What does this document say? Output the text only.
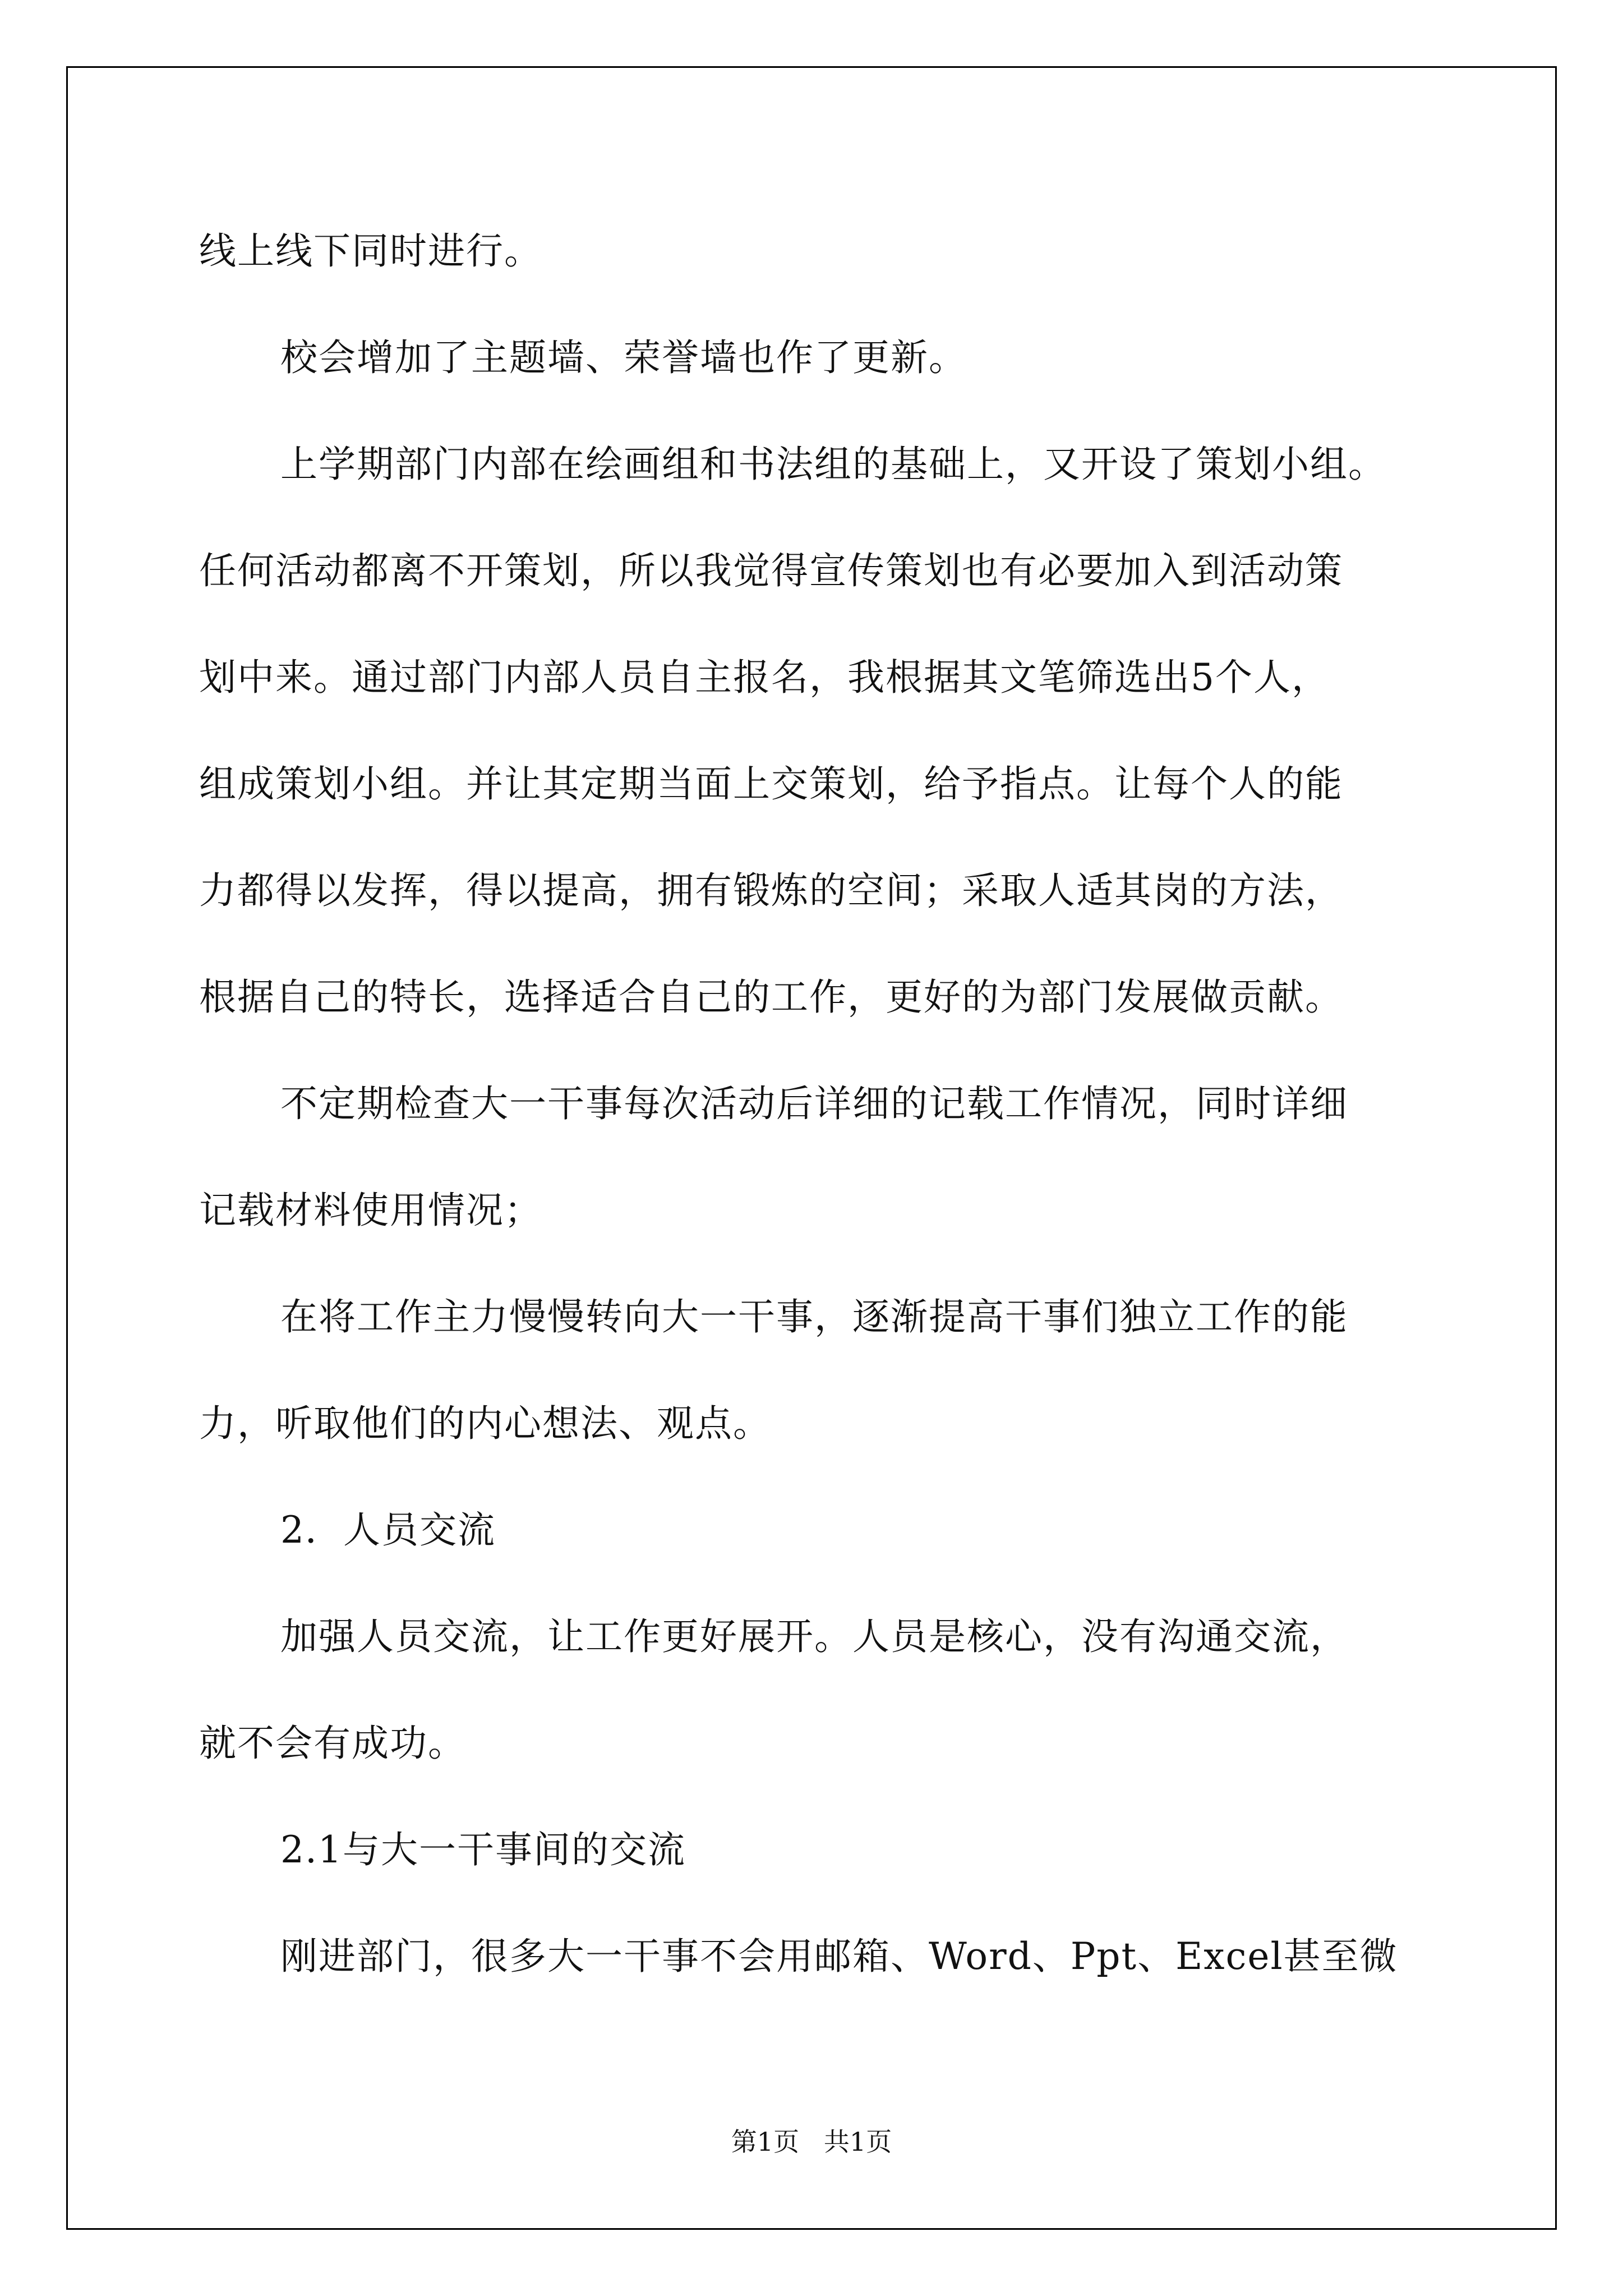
线上线下同时进行。
校会增加了主题墙、荣誉墙也作了更新。
上学期部门内部在绘画组和书法组的基础上，又开设了策划小组。
任何活动都离不开策划，所以我觉得宣传策划也有必要加入到活动策
划中来。通过部门内部人员自主报名，我根据其文笔筛选出5个人，
组成策划小组。并让其定期当面上交策划，给予指点。让每个人的能
力都得以发挥，得以提高，拥有锻炼的空间；采取人适其岗的方法，
根据自己的特长，选择适合自己的工作，更好的为部门发展做贡献。
不定期检查大一干事每次活动后详细的记载工作情况，同时详细
记载材料使用情况；
在将工作主力慢慢转向大一干事，逐渐提高干事们独立工作的能
力，听取他们的内心想法、观点。
2．人员交流
加强人员交流，让工作更好展开。人员是核心，没有沟通交流，
就不会有成功。
2.1与大一干事间的交流
刚进部门，很多大一干事不会用邮箱、Word、Ppt、Excel甚至微
第1页   共1页
